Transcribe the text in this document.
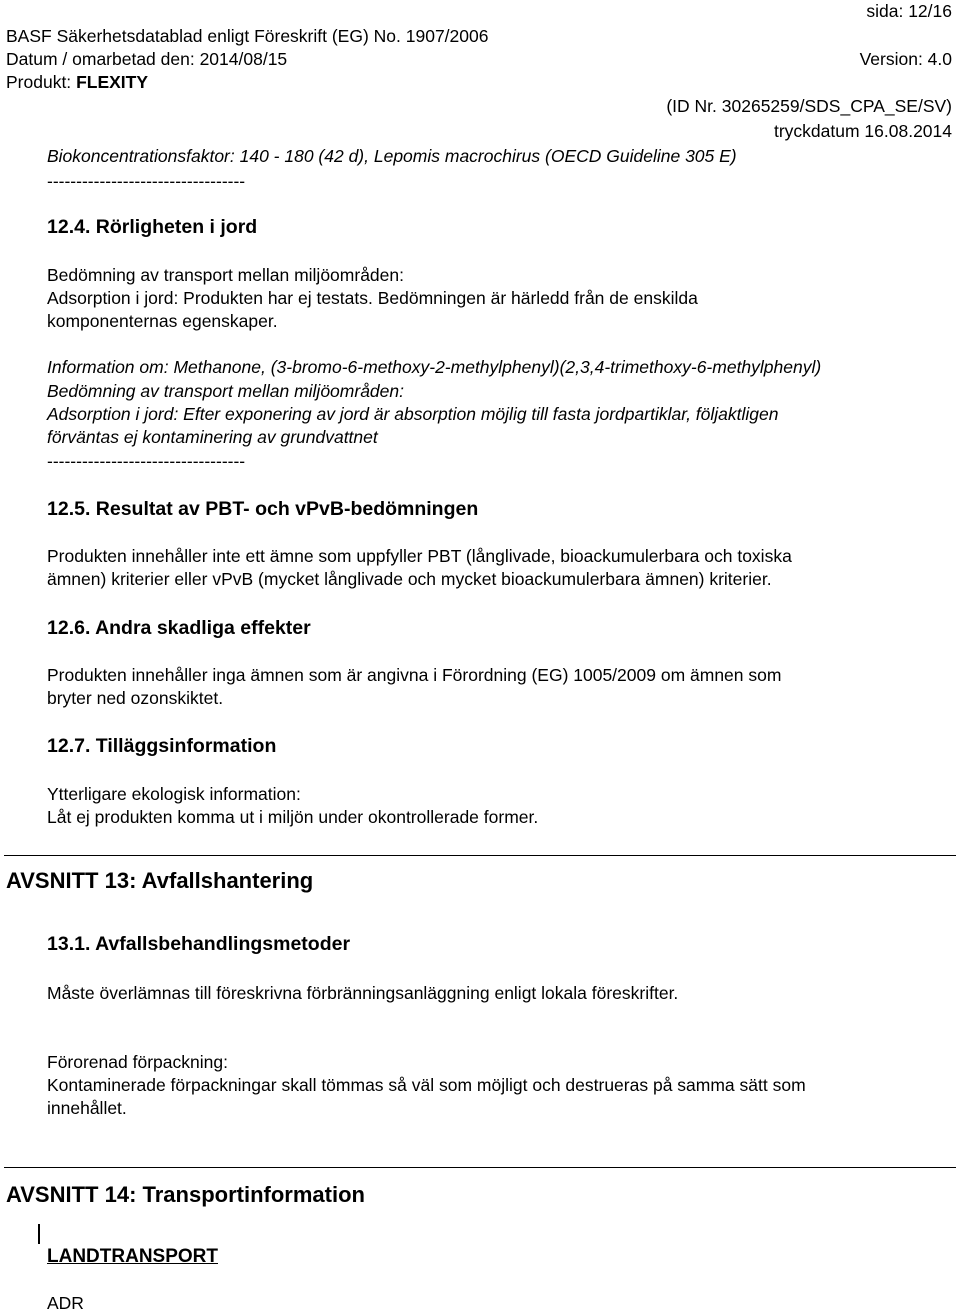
sida: 12/16
BASF Säkerhetsdatablad enligt Föreskrift (EG) No. 1907/2006
Datum / omarbetad den: 2014/08/15	Version: 4.0
Produkt: FLEXITY
(ID Nr. 30265259/SDS_CPA_SE/SV)
tryckdatum 16.08.2014
Biokoncentrationsfaktor: 140 - 180 (42 d), Lepomis macrochirus (OECD Guideline 305 E)
----------------------------------
12.4. Rörligheten i jord
Bedömning av transport mellan miljöområden:
Adsorption i jord: Produkten har ej testats. Bedömningen är härledd från de enskilda
komponenternas egenskaper.
Information om: Methanone, (3-bromo-6-methoxy-2-methylphenyl)(2,3,4-trimethoxy-6-methylphenyl)
Bedömning av transport mellan miljöområden:
Adsorption i jord: Efter exponering av jord är absorption möjlig till fasta jordpartiklar, följaktligen
förväntas ej kontaminering av grundvattnet
----------------------------------
12.5. Resultat av PBT- och vPvB-bedömningen
Produkten innehåller inte ett ämne som uppfyller PBT (långlivade, bioackumulerbara och toxiska
ämnen) kriterier eller vPvB (mycket långlivade och mycket bioackumulerbara ämnen) kriterier.
12.6. Andra skadliga effekter
Produkten innehåller inga ämnen som är angivna i Förordning (EG) 1005/2009 om ämnen som
bryter ned ozonskiktet.
12.7. Tilläggsinformation
Ytterligare ekologisk information:
Låt ej produkten komma ut i miljön under okontrollerade former.
AVSNITT 13: Avfallshantering
13.1. Avfallsbehandlingsmetoder
Måste överlämnas till föreskrivna förbränningsanläggning enligt lokala föreskrifter.
Förorenad förpackning:
Kontaminerade förpackningar skall tömmas så väl som möjligt och destrueras på samma sätt som
innehållet.
AVSNITT 14: Transportinformation
LANDTRANSPORT
ADR
